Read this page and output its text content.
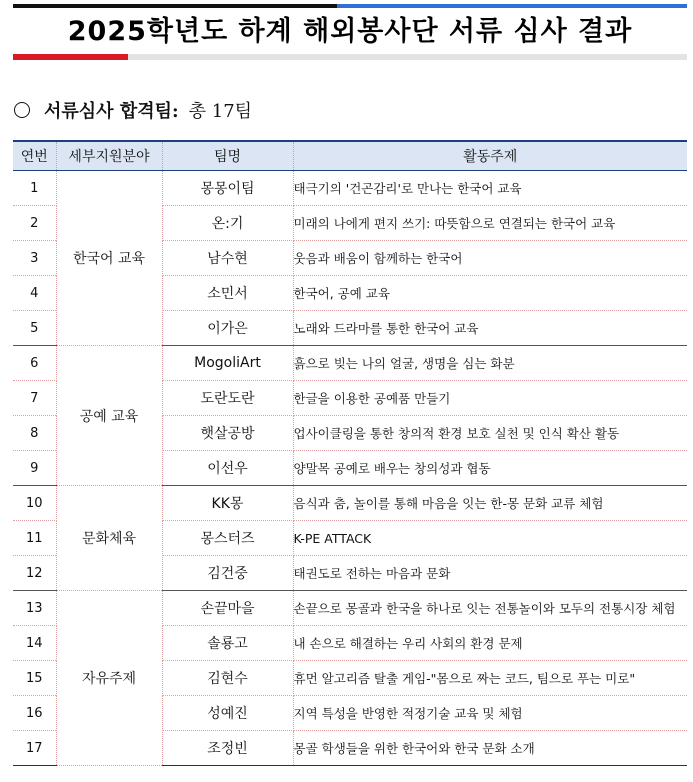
2025학년도 하계 해외봉사단 서류 심사 결과
서류심사 합격팀: 총 17팀
연번	세부지원분야	팀명	활동주제
1	한국어 교육	몽몽이팀	태극기의 '건곤감리'로 만나는 한국어 교육
2		온:기	미래의 나에게 편지 쓰기: 따뜻함으로 연결되는 한국어 교육
3		남수현	웃음과 배움이 함께하는 한국어
4		소민서	한국어, 공예 교육
5		이가은	노래와 드라마를 통한 한국어 교육
6	공예 교육	MogoliArt	흙으로 빚는 나의 얼굴, 생명을 심는 화분
7		도란도란	한글을 이용한 공예품 만들기
8		햇살공방	업사이클링을 통한 창의적 환경 보호 실천 및 인식 확산 활동
9		이선우	양말목 공예로 배우는 창의성과 협동
10	문화체육	KK몽	음식과 춤, 놀이를 통해 마음을 잇는 한-몽 문화 교류 체험
11		몽스터즈	K-PE ATTACK
12		김건중	태권도로 전하는 마음과 문화
13	자유주제	손끝마을	손끝으로 몽골과 한국을 하나로 잇는 전통놀이와 모두의 전통시장 체험
14		솔룡고	내 손으로 해결하는 우리 사회의 환경 문제
15		김현수	휴먼 알고리즘 탈출 게임-"몸으로 짜는 코드, 팀으로 푸는 미로"
16		성예진	지역 특성을 반영한 적정기술 교육 및 체험
17		조정빈	몽골 학생들을 위한 한국어와 한국 문화 소개
